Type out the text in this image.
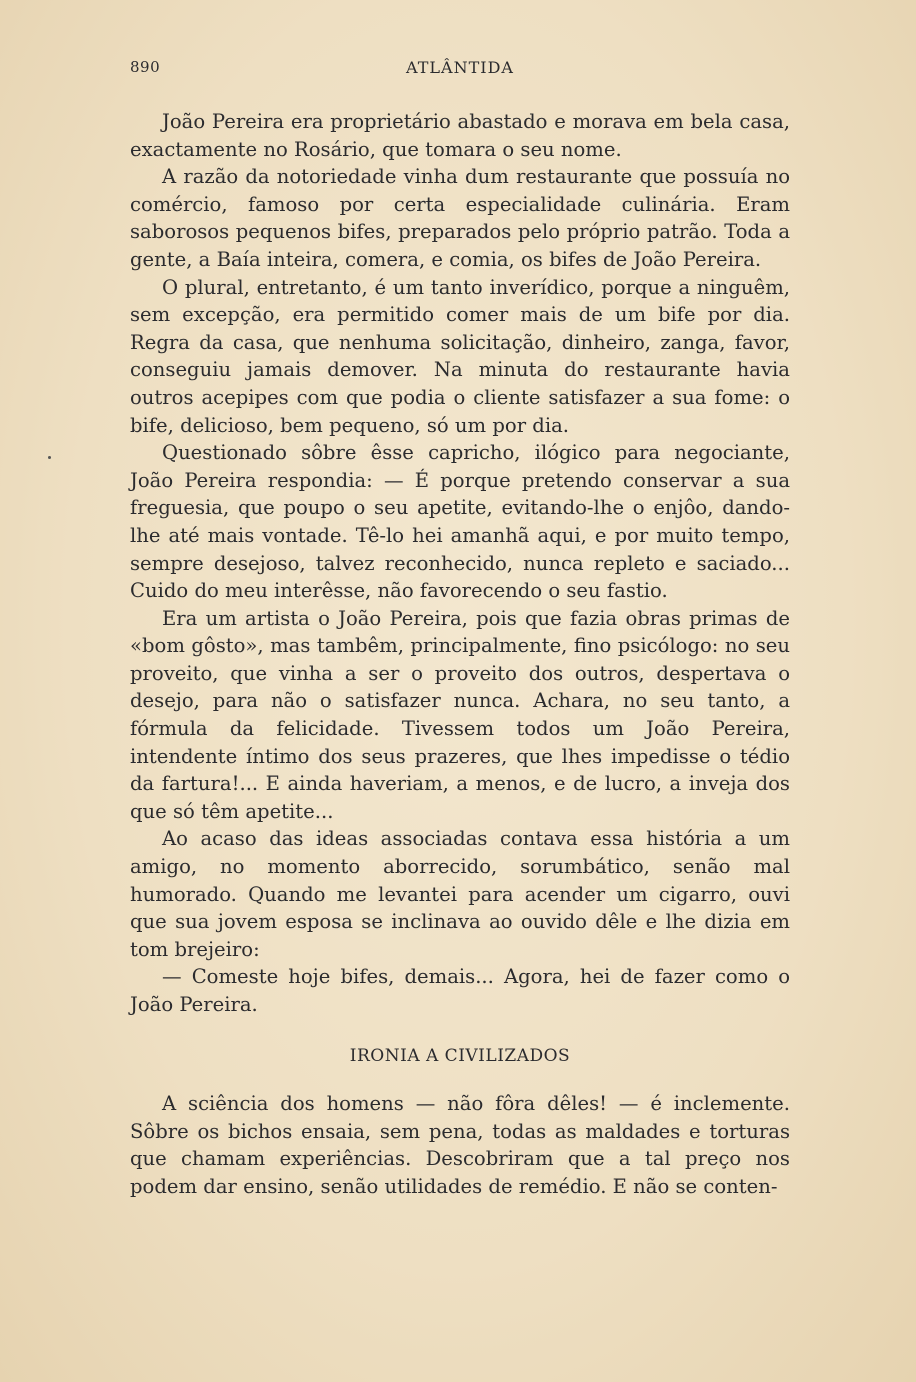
890	ATLÂNTIDA

João Pereira era proprietário abastado e morava em bela casa, exactamente no Rosário, que tomara o seu nome.

A razão da notoriedade vinha dum restaurante que possuía no comércio, famoso por certa especialidade culinária. Eram saborosos pequenos bifes, preparados pelo próprio patrão. Toda a gente, a Baía inteira, comera, e comia, os bifes de João Pereira.

O plural, entretanto, é um tanto inverídico, porque a ninguêm, sem excepção, era permitido comer mais de um bife por dia. Regra da casa, que nenhuma solicitação, dinheiro, zanga, favor, conseguiu jamais demover. Na minuta do restaurante havia outros acepipes com que podia o cliente satisfazer a sua fome: o bife, delicioso, bem pequeno, só um por dia.

Questionado sôbre êsse capricho, ilógico para negociante, João Pereira respondia: — É porque pretendo conservar a sua freguesia, que poupo o seu apetite, evitando-lhe o enjôo, dando-lhe até mais vontade. Tê-lo hei amanhã aqui, e por muito tempo, sempre desejoso, talvez reconhecido, nunca repleto e saciado... Cuido do meu interêsse, não favorecendo o seu fastio.

Era um artista o João Pereira, pois que fazia obras primas de «bom gôsto», mas tambêm, principalmente, fino psicólogo: no seu proveito, que vinha a ser o proveito dos outros, despertava o desejo, para não o satisfazer nunca. Achara, no seu tanto, a fórmula da felicidade. Tivessem todos um João Pereira, intendente íntimo dos seus prazeres, que lhes impedisse o tédio da fartura!... E ainda haveriam, a menos, e de lucro, a inveja dos que só têm apetite...

Ao acaso das ideas associadas contava essa história a um amigo, no momento aborrecido, sorumbático, senão mal humorado. Quando me levantei para acender um cigarro, ouvi que sua jovem esposa se inclinava ao ouvido dêle e lhe dizia em tom brejeiro:

— Comeste hoje bifes, demais... Agora, hei de fazer como o João Pereira.

IRONIA A CIVILIZADOS

A sciência dos homens — não fôra dêles! — é inclemente. Sôbre os bichos ensaia, sem pena, todas as maldades e torturas que chamam experiências. Descobriram que a tal preço nos podem dar ensino, senão utilidades de remédio. E não se conten-
